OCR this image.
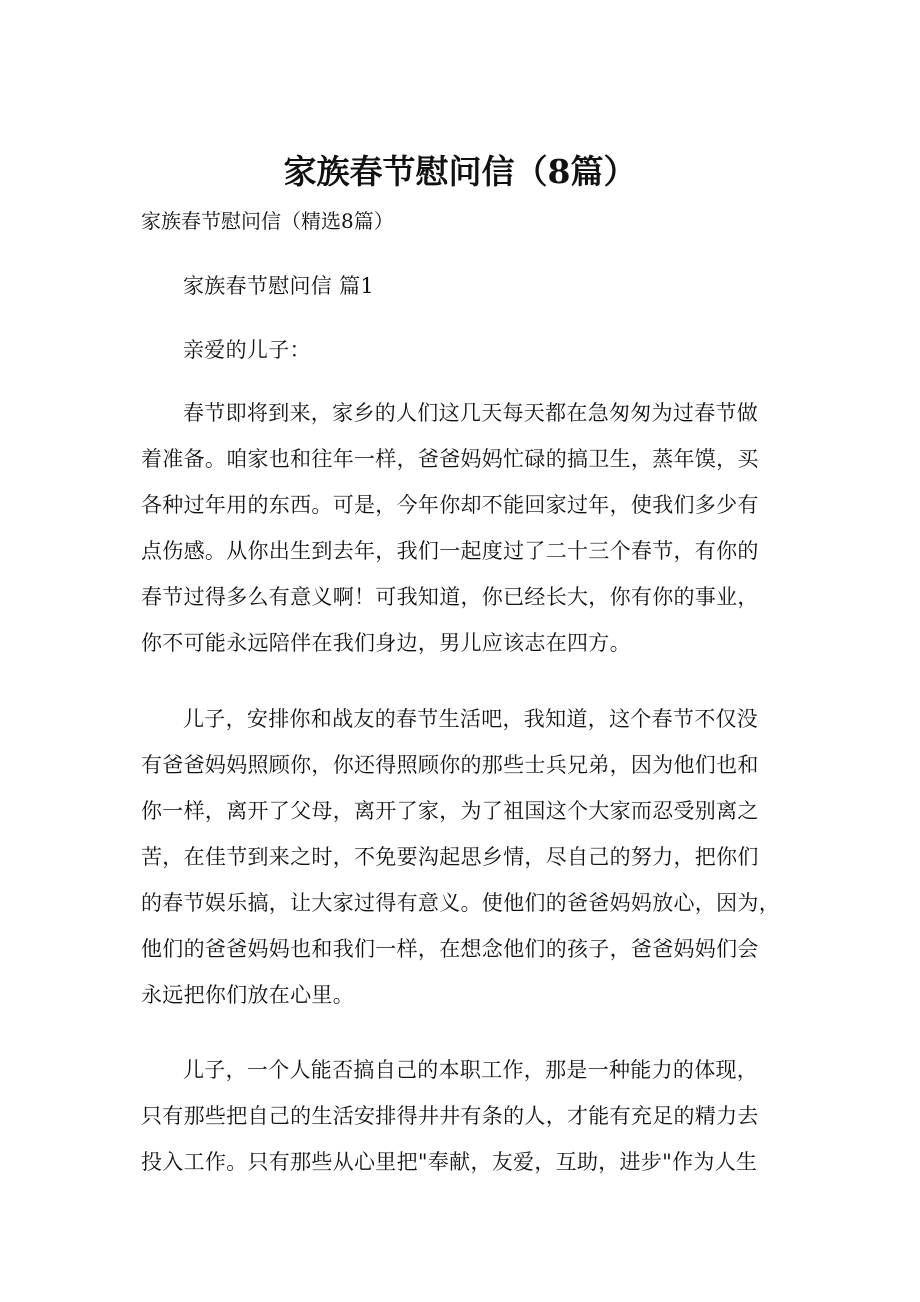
家族春节慰问信（8篇）
家族春节慰问信（精选8篇）
家族春节慰问信 篇1
亲爱的儿子：
春节即将到来，家乡的人们这几天每天都在急匆匆为过春节做
着准备。咱家也和往年一样，爸爸妈妈忙碌的搞卫生，蒸年馍，买
各种过年用的东西。可是，今年你却不能回家过年，使我们多少有
点伤感。从你出生到去年，我们一起度过了二十三个春节，有你的
春节过得多么有意义啊！可我知道，你已经长大，你有你的事业，
你不可能永远陪伴在我们身边，男儿应该志在四方。
儿子，安排你和战友的春节生活吧，我知道，这个春节不仅没
有爸爸妈妈照顾你，你还得照顾你的那些士兵兄弟，因为他们也和
你一样，离开了父母，离开了家，为了祖国这个大家而忍受别离之
苦，在佳节到来之时，不免要沟起思乡情，尽自己的努力，把你们
的春节娱乐搞，让大家过得有意义。使他们的爸爸妈妈放心，因为，
他们的爸爸妈妈也和我们一样，在想念他们的孩子，爸爸妈妈们会
永远把你们放在心里。
儿子，一个人能否搞自己的本职工作，那是一种能力的体现，
只有那些把自己的生活安排得井井有条的人，才能有充足的精力去
投入工作。只有那些从心里把"奉献，友爱，互助，进步"作为人生
